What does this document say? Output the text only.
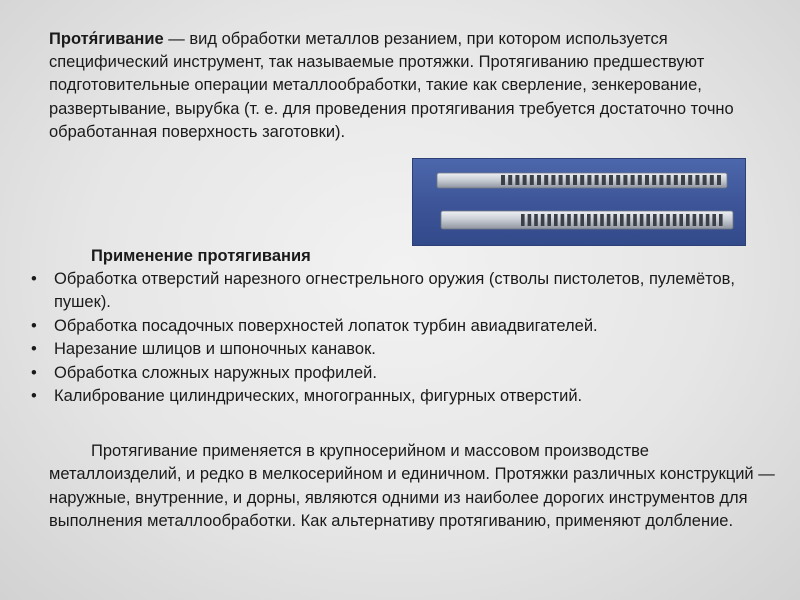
Протя́гивание — вид обработки металлов резанием, при котором используется специфический инструмент, так называемые протяжки. Протягиванию предшествуют подготовительные операции металлообработки, такие как сверление, зенкерование, развертывание, вырубка (т. е. для проведения протягивания требуется достаточно точно обработанная поверхность заготовки).

Применение протягивания

• Обработка отверстий нарезного огнестрельного оружия (стволы пистолетов, пулемётов, пушек).
• Обработка посадочных поверхностей лопаток турбин авиадвигателей.
• Нарезание шлицов и шпоночных канавок.
• Обработка сложных наружных профилей.
• Калибрование цилиндрических, многогранных, фигурных отверстий.

Протягивание применяется в крупносерийном и массовом производстве металлоизделий, и редко в мелкосерийном и единичном. Протяжки различных конструкций — наружные, внутренние, и дорны, являются одними из наиболее дорогих инструментов для выполнения металлообработки. Как альтернативу протягиванию, применяют долбление.
